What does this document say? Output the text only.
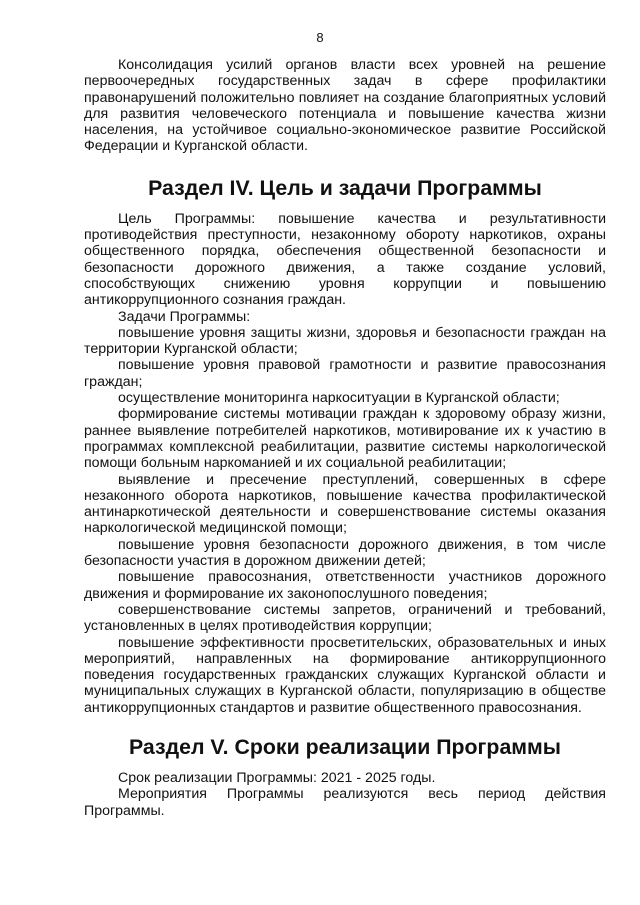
8

Консолидация усилий органов власти всех уровней на решение первоочередных государственных задач в сфере профилактики правонарушений положительно повлияет на создание благоприятных условий для развития человеческого потенциала и повышение качества жизни населения, на устойчивое социально-экономическое развитие Российской Федерации и Курганской области.

Раздел IV. Цель и задачи Программы

Цель Программы: повышение качества и результативности противодействия преступности, незаконному обороту наркотиков, охраны общественного порядка, обеспечения общественной безопасности и безопасности дорожного движения, а также создание условий, способствующих снижению уровня коррупции и повышению антикоррупционного сознания граждан.

Задачи Программы:

повышение уровня защиты жизни, здоровья и безопасности граждан на территории Курганской области;

повышение уровня правовой грамотности и развитие правосознания граждан;

осуществление мониторинга наркоситуации в Курганской области;

формирование системы мотивации граждан к здоровому образу жизни, раннее выявление потребителей наркотиков, мотивирование их к участию в программах комплексной реабилитации, развитие системы наркологической помощи больным наркоманией и их социальной реабилитации;

выявление и пресечение преступлений, совершенных в сфере незаконного оборота наркотиков, повышение качества профилактической антинаркотической деятельности и совершенствование системы оказания наркологической медицинской помощи;

повышение уровня безопасности дорожного движения, в том числе безопасности участия в дорожном движении детей;

повышение правосознания, ответственности участников дорожного движения и формирование их законопослушного поведения;

совершенствование системы запретов, ограничений и требований, установленных в целях противодействия коррупции;

повышение эффективности просветительских, образовательных и иных мероприятий, направленных на формирование антикоррупционного поведения государственных гражданских служащих Курганской области и муниципальных служащих в Курганской области, популяризацию в обществе антикоррупционных стандартов и развитие общественного правосознания.

Раздел V. Сроки реализации Программы

Срок реализации Программы: 2021 - 2025 годы.

Мероприятия Программы реализуются весь период действия Программы.
